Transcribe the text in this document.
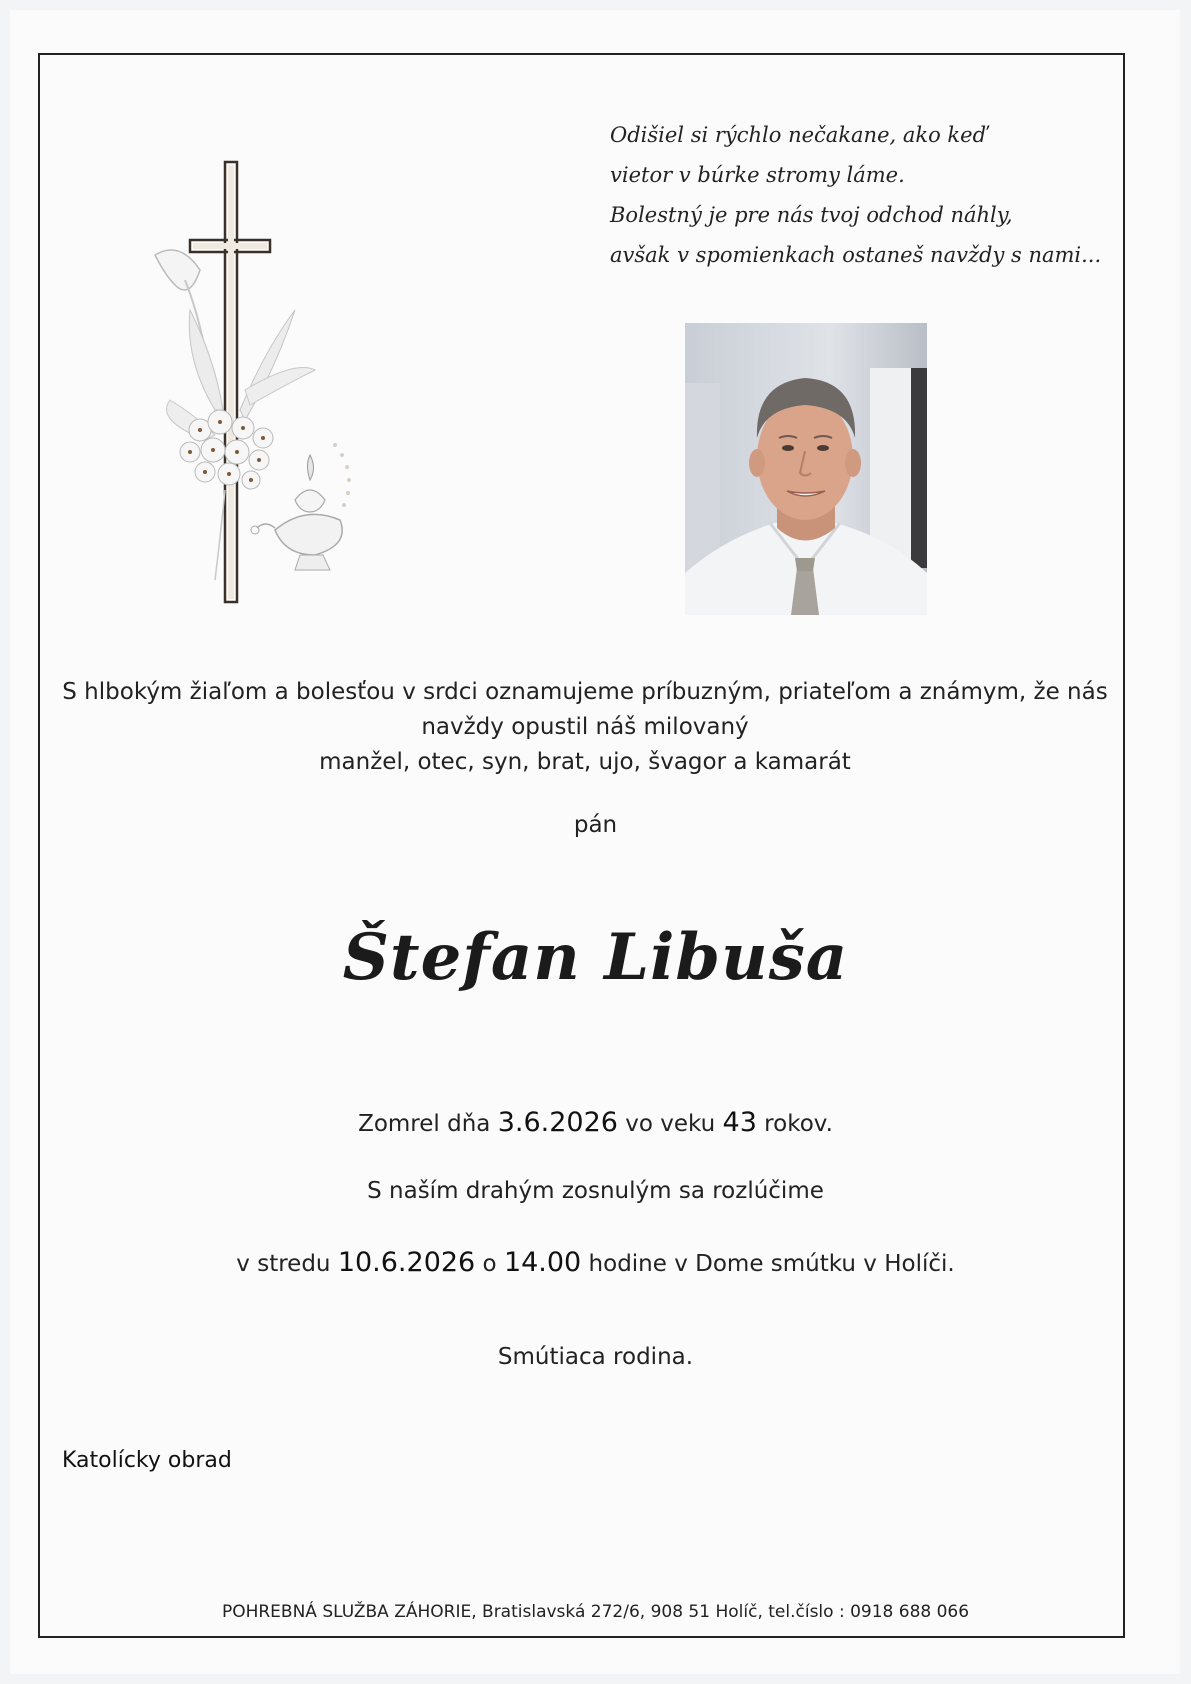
Odišiel si rýchlo nečakane, ako keď
vietor v búrke stromy láme.
Bolestný je pre nás tvoj odchod náhly,
avšak v spomienkach ostaneš navždy s nami...
S hlbokým žiaľom a bolesťou v srdci oznamujeme príbuzným, priateľom a známym, že nás
navždy opustil náš milovaný
manžel, otec, syn, brat, ujo, švagor a kamarát
pán
Štefan Libuša
Zomrel dňa 3.6.2026 vo veku 43 rokov.
S naším drahým zosnulým sa rozlúčime
v stredu 10.6.2026 o 14.00 hodine v Dome smútku v Holíči.
Smútiaca rodina.
Katolícky obrad
POHREBNÁ SLUŽBA ZÁHORIE, Bratislavská 272/6, 908 51 Holíč, tel.číslo : 0918 688 066
